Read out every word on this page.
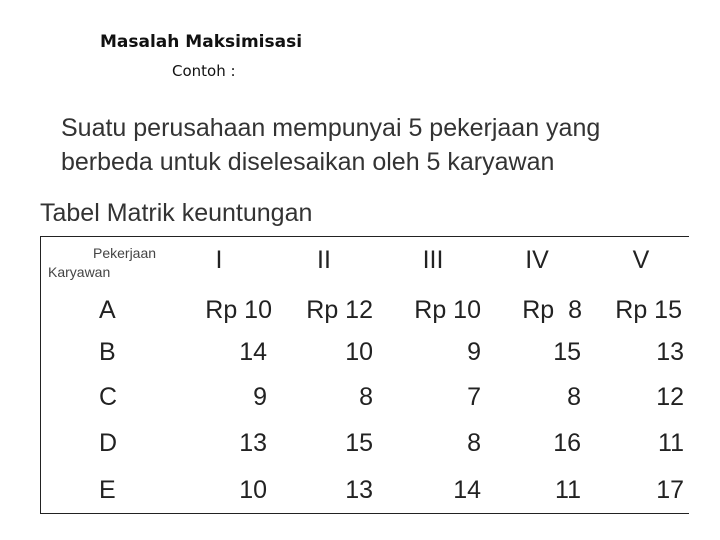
Masalah Maksimisasi
Contoh :
Suatu perusahaan mempunyai 5 pekerjaan yang
berbeda untuk diselesaikan oleh 5 karyawan
Tabel Matrik keuntungan
Pekerjaan
Karyawan	I	II	III	IV	V
A	Rp 10	Rp 12	Rp 10	Rp  8	Rp 15
B	14	10	9	15	13
C	9	8	7	8	12
D	13	15	8	16	11
E	10	13	14	11	17
